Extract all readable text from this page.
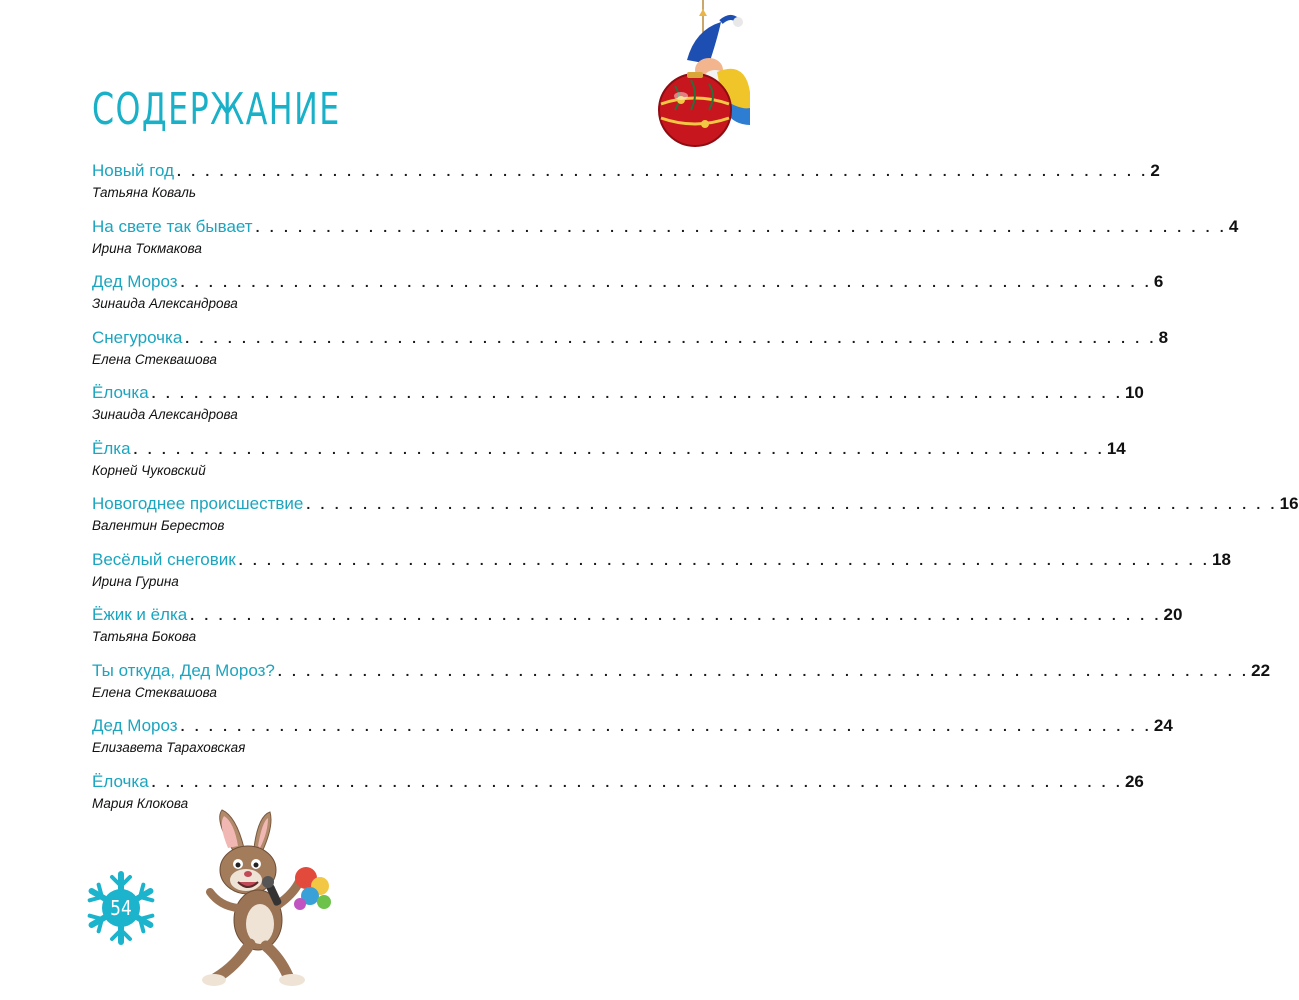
СОДЕРЖАНИЕ
Новый год . . . . . . . . . . . . . . . . . . . . . . . . . . . . . . . . . . . . . . . . . . . . . . . . . . . . . . . . . . . . . . . . . . . . . 2
Татьяна Коваль
На свете так бывает . . . . . . . . . . . . . . . . . . . . . . . . . . . . . . . . . . . . . . . . . . . . . . . . . . . . . . . . . . . . . . . . . . . . . 4
Ирина Токмакова
Дед Мороз . . . . . . . . . . . . . . . . . . . . . . . . . . . . . . . . . . . . . . . . . . . . . . . . . . . . . . . . . . . . . . . . . . . . . 6
Зинаида Александрова
Снегурочка . . . . . . . . . . . . . . . . . . . . . . . . . . . . . . . . . . . . . . . . . . . . . . . . . . . . . . . . . . . . . . . . . . . . . 8
Елена Стеквашова
Ёлочка . . . . . . . . . . . . . . . . . . . . . . . . . . . . . . . . . . . . . . . . . . . . . . . . . . . . . . . . . . . . . . . . . . . . . 10
Зинаида Александрова
Ёлка . . . . . . . . . . . . . . . . . . . . . . . . . . . . . . . . . . . . . . . . . . . . . . . . . . . . . . . . . . . . . . . . . . . . . 14
Корней Чуковский
Новогоднее происшествие . . . . . . . . . . . . . . . . . . . . . . . . . . . . . . . . . . . . . . . . . . . . . . . . . . . . . . . . . . . . . . . . . . . . . 16
Валентин Берестов
Весёлый снеговик . . . . . . . . . . . . . . . . . . . . . . . . . . . . . . . . . . . . . . . . . . . . . . . . . . . . . . . . . . . . . . . . . . . . . 18
Ирина Гурина
Ёжик и ёлка . . . . . . . . . . . . . . . . . . . . . . . . . . . . . . . . . . . . . . . . . . . . . . . . . . . . . . . . . . . . . . . . . . . . . 20
Татьяна Бокова
Ты откуда, Дед Мороз? . . . . . . . . . . . . . . . . . . . . . . . . . . . . . . . . . . . . . . . . . . . . . . . . . . . . . . . . . . . . . . . . . . . . . 22
Елена Стеквашова
Дед Мороз . . . . . . . . . . . . . . . . . . . . . . . . . . . . . . . . . . . . . . . . . . . . . . . . . . . . . . . . . . . . . . . . . . . . . 24
Елизавета Тараховская
Ёлочка . . . . . . . . . . . . . . . . . . . . . . . . . . . . . . . . . . . . . . . . . . . . . . . . . . . . . . . . . . . . . . . . . . . . . 26
Мария Клокова
54
